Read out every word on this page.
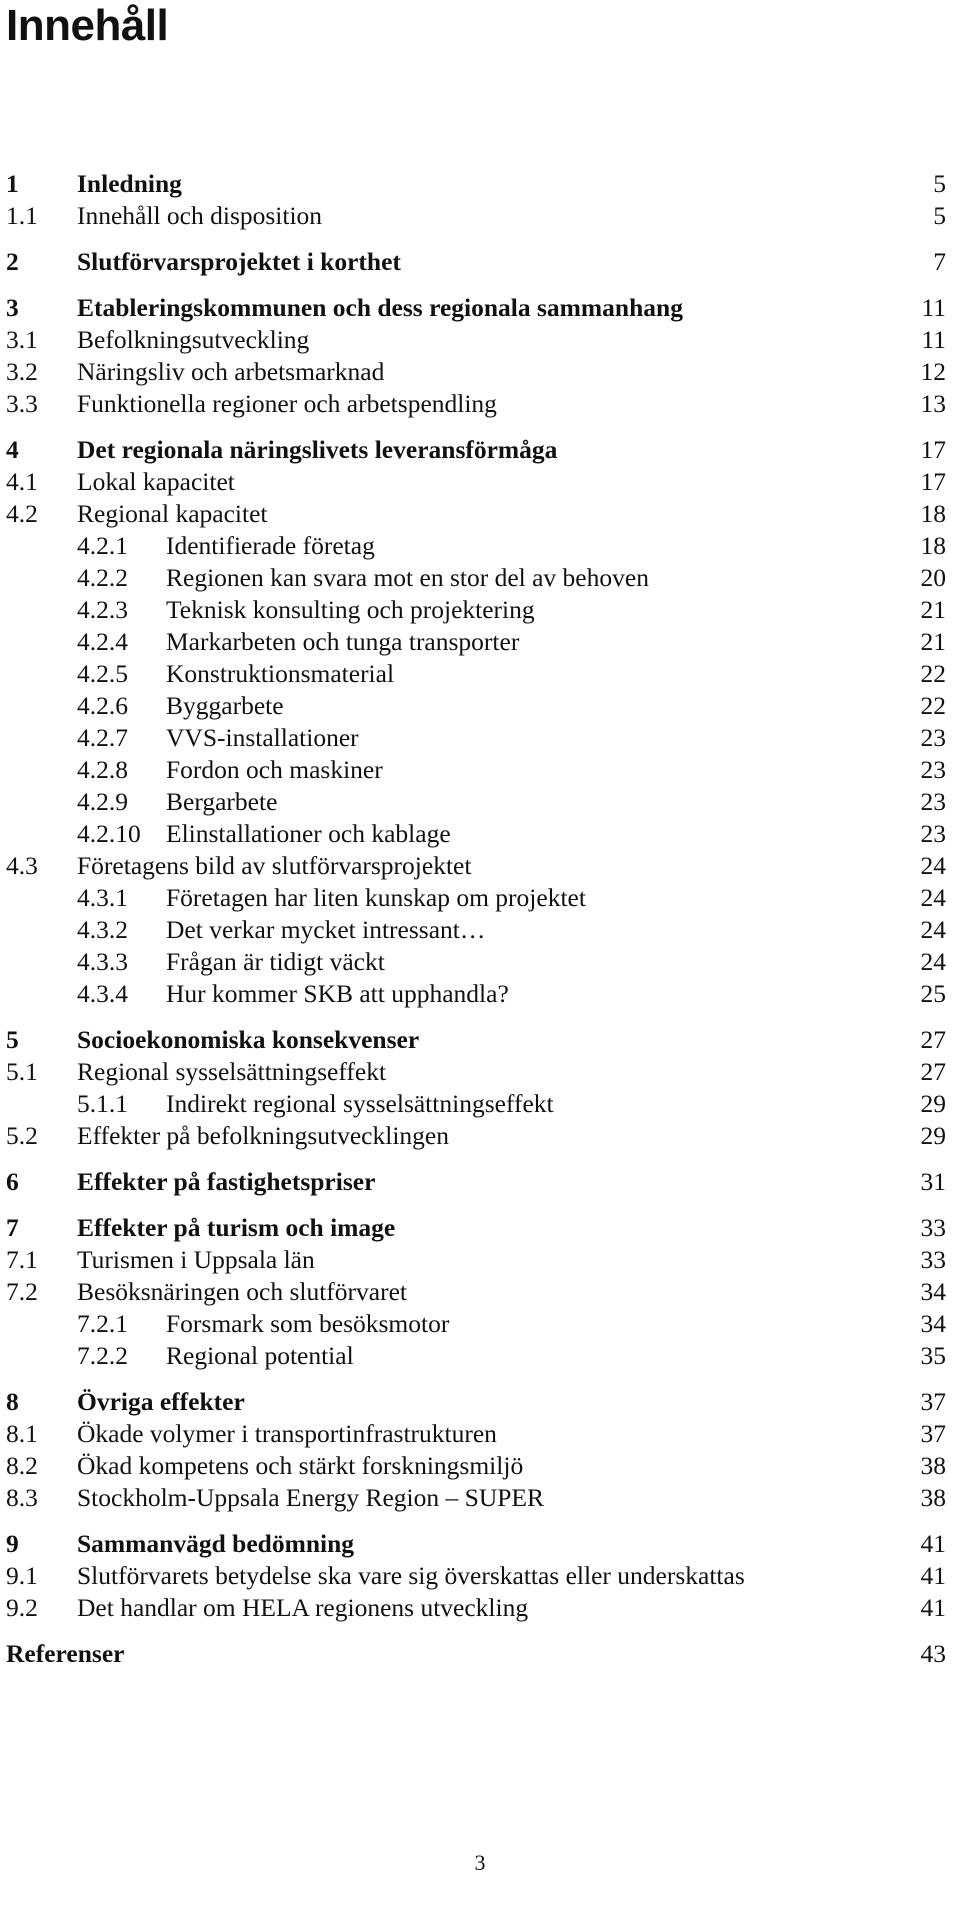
Innehåll
1 Inledning	5
1.1 Innehåll och disposition	5
2 Slutförvarsprojektet i korthet	7
3 Etableringskommunen och dess regionala sammanhang	11
3.1 Befolkningsutveckling	11
3.2 Näringsliv och arbetsmarknad	12
3.3 Funktionella regioner och arbetspendling	13
4 Det regionala näringslivets leveransförmåga	17
4.1 Lokal kapacitet	17
4.2 Regional kapacitet	18
4.2.1 Identifierade företag	18
4.2.2 Regionen kan svara mot en stor del av behoven	20
4.2.3 Teknisk konsulting och projektering	21
4.2.4 Markarbeten och tunga transporter	21
4.2.5 Konstruktionsmaterial	22
4.2.6 Byggarbete	22
4.2.7 VVS-installationer	23
4.2.8 Fordon och maskiner	23
4.2.9 Bergarbete	23
4.2.10 Elinstallationer och kablage	23
4.3 Företagens bild av slutförvarsprojektet	24
4.3.1 Företagen har liten kunskap om projektet	24
4.3.2 Det verkar mycket intressant…	24
4.3.3 Frågan är tidigt väckt	24
4.3.4 Hur kommer SKB att upphandla?	25
5 Socioekonomiska konsekvenser	27
5.1 Regional sysselsättningseffekt	27
5.1.1 Indirekt regional sysselsättningseffekt	29
5.2 Effekter på befolkningsutvecklingen	29
6 Effekter på fastighetspriser	31
7 Effekter på turism och image	33
7.1 Turismen i Uppsala län	33
7.2 Besöksnäringen och slutförvaret	34
7.2.1 Forsmark som besöksmotor	34
7.2.2 Regional potential	35
8 Övriga effekter	37
8.1 Ökade volymer i transportinfrastrukturen	37
8.2 Ökad kompetens och stärkt forskningsmiljö	38
8.3 Stockholm-Uppsala Energy Region – SUPER	38
9 Sammanvägd bedömning	41
9.1 Slutförvarets betydelse ska vare sig överskattas eller underskattas	41
9.2 Det handlar om HELA regionens utveckling	41
Referenser	43
3
